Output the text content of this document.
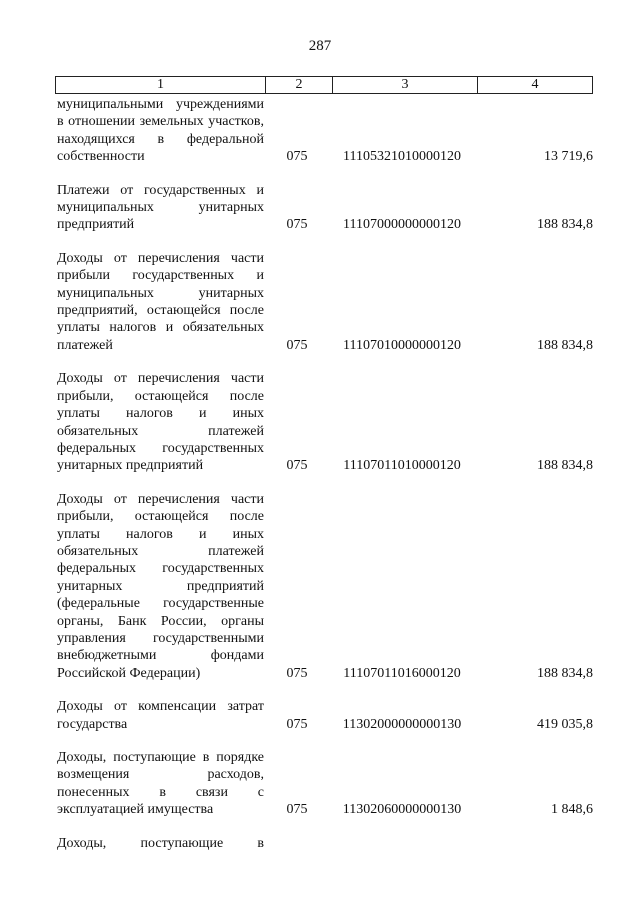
287
1	2	3	4
муниципальными учреждениями в отношении земельных участков, находящихся в федеральной собственности	075	11105321010000120	13 719,6
Платежи от государственных и муниципальных унитарных предприятий	075	11107000000000120	188 834,8
Доходы от перечисления части прибыли государственных и муниципальных унитарных предприятий, остающейся после уплаты налогов и обязательных платежей	075	11107010000000120	188 834,8
Доходы от перечисления части прибыли, остающейся после уплаты налогов и иных обязательных платежей федеральных государственных унитарных предприятий	075	11107011010000120	188 834,8
Доходы от перечисления части прибыли, остающейся после уплаты налогов и иных обязательных платежей федеральных государственных унитарных предприятий (федеральные государственные органы, Банк России, органы управления государственными внебюджетными фондами Российской Федерации)	075	11107011016000120	188 834,8
Доходы от компенсации затрат государства	075	11302000000000130	419 035,8
Доходы, поступающие в порядке возмещения расходов, понесенных в связи с эксплуатацией имущества	075	11302060000000130	1 848,6
Доходы, поступающие в
